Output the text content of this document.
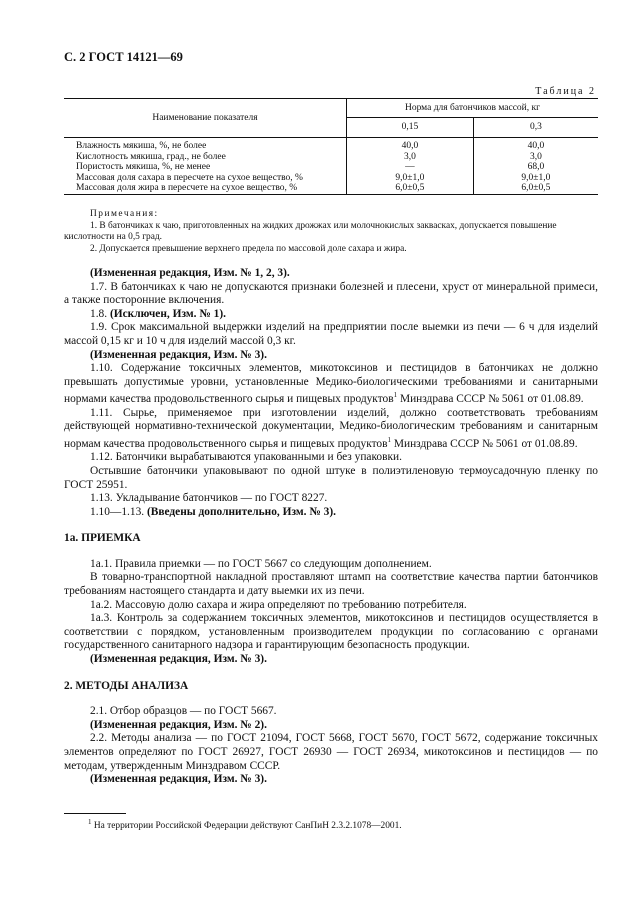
С. 2 ГОСТ 14121—69
Таблица 2
Наименование показателя	Норма для батончиков массой, кг	
	0,15	0,3
Влажность мякиша, %, не более	40,0	40,0
Кислотность мякиша, град., не более	3,0	3,0
Пористость мякиша, %, не менее	—	68,0
Массовая доля сахара в пересчете на сухое вещество, %	9,0±1,0	9,0±1,0
Массовая доля жира в пересчете на сухое вещество, %	6,0±0,5	6,0±0,5

Примечания:

1. В батончиках к чаю, приготовленных на жидких дрожжах или молочнокислых заквасках, допускается повышение кислотности на 0,5 град.

2. Допускается превышение верхнего предела по массовой доле сахара и жира.

(Измененная редакция, Изм. № 1, 2, 3).

1.7. В батончиках к чаю не допускаются признаки болезней и плесени, хруст от минеральной примеси, а также посторонние включения.

1.8. (Исключен, Изм. № 1).

1.9. Срок максимальной выдержки изделий на предприятии после выемки из печи — 6 ч для изделий массой 0,15 кг и 10 ч для изделий массой 0,3 кг.

(Измененная редакция, Изм. № 3).

1.10. Содержание токсичных элементов, микотоксинов и пестицидов в батончиках не должно превышать допустимые уровни, установленные Медико-биологическими требованиями и санитарными нормами качества продовольственного сырья и пищевых продуктов$^1$ Минздрава СССР № 5061 от 01.08.89.

1.11. Сырье, применяемое при изготовлении изделий, должно соответствовать требованиям действующей нормативно-технической документации, Медико-биологическим требованиям и санитарным нормам качества продовольственного сырья и пищевых продуктов$^1$ Минздрава СССР № 5061 от 01.08.89.

1.12. Батончики вырабатываются упакованными и без упаковки.

Остывшие батончики упаковывают по одной штуке в полиэтиленовую термоусадочную пленку по ГОСТ 25951.

1.13. Укладывание батончиков — по ГОСТ 8227.

1.10—1.13. (Введены дополнительно, Изм. № 3).

1а. ПРИЕМКА

1а.1. Правила приемки — по ГОСТ 5667 со следующим дополнением.

В товарно-транспортной накладной проставляют штамп на соответствие качества партии батончиков требованиям настоящего стандарта и дату выемки их из печи.

1а.2. Массовую долю сахара и жира определяют по требованию потребителя.

1а.3. Контроль за содержанием токсичных элементов, микотоксинов и пестицидов осуществляется в соответствии с порядком, установленным производителем продукции по согласованию с органами государственного санитарного надзора и гарантирующим безопасность продукции.

(Измененная редакция, Изм. № 3).

2. МЕТОДЫ АНАЛИЗА

2.1. Отбор образцов — по ГОСТ 5667.

(Измененная редакция, Изм. № 2).

2.2. Методы анализа — по ГОСТ 21094, ГОСТ 5668, ГОСТ 5670, ГОСТ 5672, содержание токсичных элементов определяют по ГОСТ 26927, ГОСТ 26930 — ГОСТ 26934, микотоксинов и пестицидов — по методам, утвержденным Минздравом СССР.

(Измененная редакция, Изм. № 3).

$^1$ На территории Российской Федерации действуют СанПиН 2.3.2.1078—2001.
